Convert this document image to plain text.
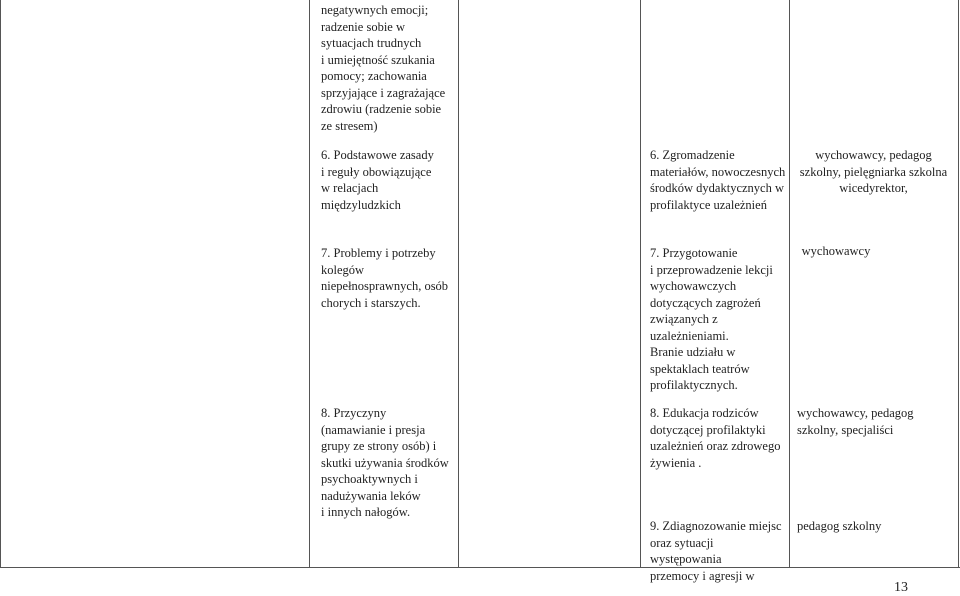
negatywnych emocji;
radzenie sobie w
sytuacjach trudnych
i umiejętność szukania
pomocy; zachowania
sprzyjające i zagrażające
zdrowiu (radzenie sobie
ze stresem)
6. Podstawowe zasady
i reguły obowiązujące
w relacjach
międzyludzkich
7. Problemy i potrzeby
kolegów
niepełnosprawnych, osób
chorych i starszych.
8. Przyczyny
(namawianie i presja
grupy ze strony osób) i
skutki używania środków
psychoaktywnych i
nadużywania leków
i innych nałogów.
6. Zgromadzenie
materiałów, nowoczesnych
środków dydaktycznych w
profilaktyce uzależnień
7. Przygotowanie
i przeprowadzenie lekcji
wychowawczych
dotyczących zagrożeń
związanych z
uzależnieniami.
Branie udziału w
spektaklach teatrów
profilaktycznych.
8. Edukacja rodziców
dotyczącej profilaktyki
uzależnień oraz zdrowego
żywienia .
9. Zdiagnozowanie miejsc
oraz sytuacji występowania
przemocy i agresji w
wychowawcy, pedagog
szkolny, pielęgniarka szkolna
wicedyrektor,
wychowawcy
wychowawcy, pedagog
szkolny, specjaliści
pedagog szkolny
13
